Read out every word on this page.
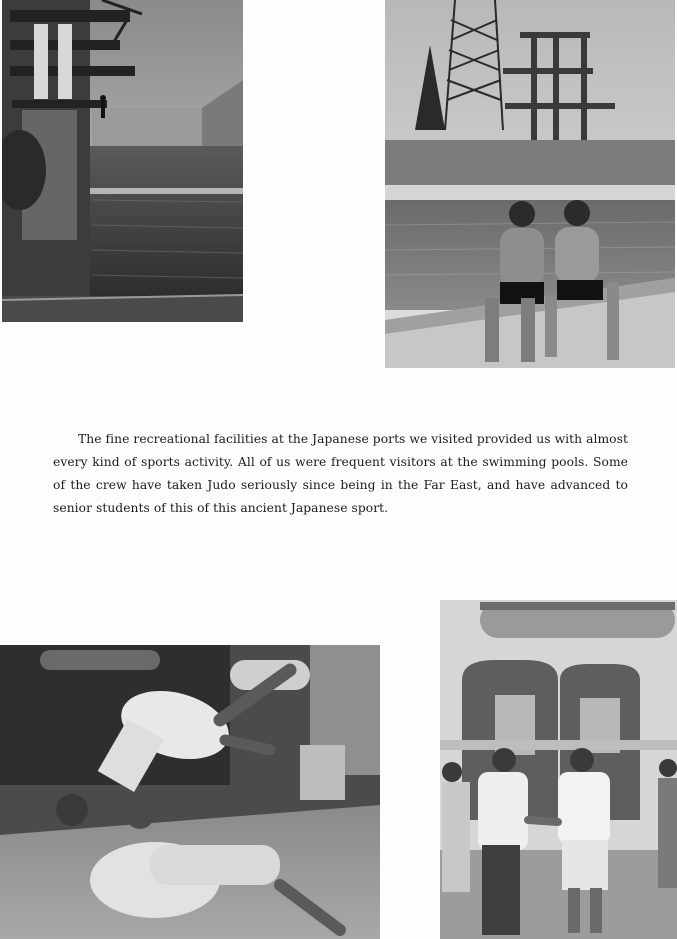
The fine recreational facilities at the Japanese ports we visited provided us with almost every kind of sports activity. All of us were frequent visitors at the swimming pools. Some of the crew have taken Judo seriously since being in the Far East, and have advanced to senior students of this of this ancient Japanese sport.
